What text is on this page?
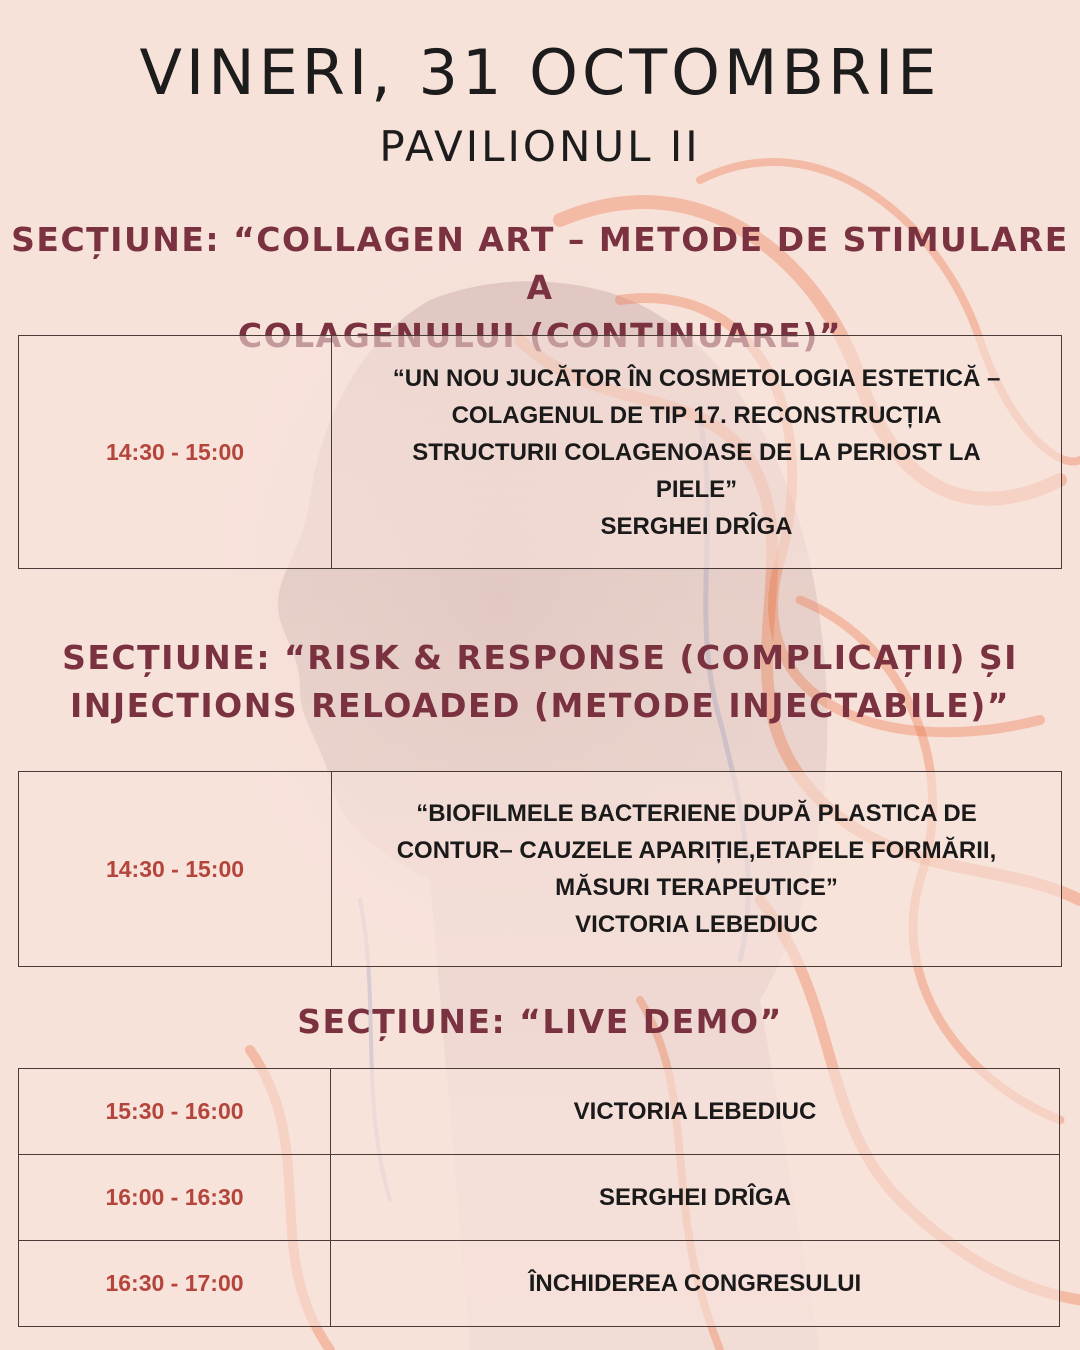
VINERI, 31 OCTOMBRIE
PAVILIONUL II
SECȚIUNE: “COLLAGEN ART – METODE DE STIMULARE A
14:30 - 15:00	
“UN NOU JUCĂTOR ÎN COSMETOLOGIA ESTETICĂ –
COLAGENUL DE TIP 17. RECONSTRUCȚIA
STRUCTURII COLAGENOASE DE LA PERIOST LA
PIELE”
SERGHEI DRÎGA
SECȚIUNE: “RISK & RESPONSE (COMPLICAȚII) ȘI
INJECTIONS RELOADED (METODE INJECTABILE)”
14:30 - 15:00	
“BIOFILMELE BACTERIENE DUPĂ PLASTICA DE
CONTUR– CAUZELE APARIȚIE,ETAPELE FORMĂRII,
MĂSURI TERAPEUTICE”
VICTORIA LEBEDIUC
SECȚIUNE: “LIVE DEMO”
15:30 - 16:00	VICTORIA LEBEDIUC
16:00 - 16:30	SERGHEI DRÎGA
16:30 - 17:00	ÎNCHIDEREA CONGRESULUI
